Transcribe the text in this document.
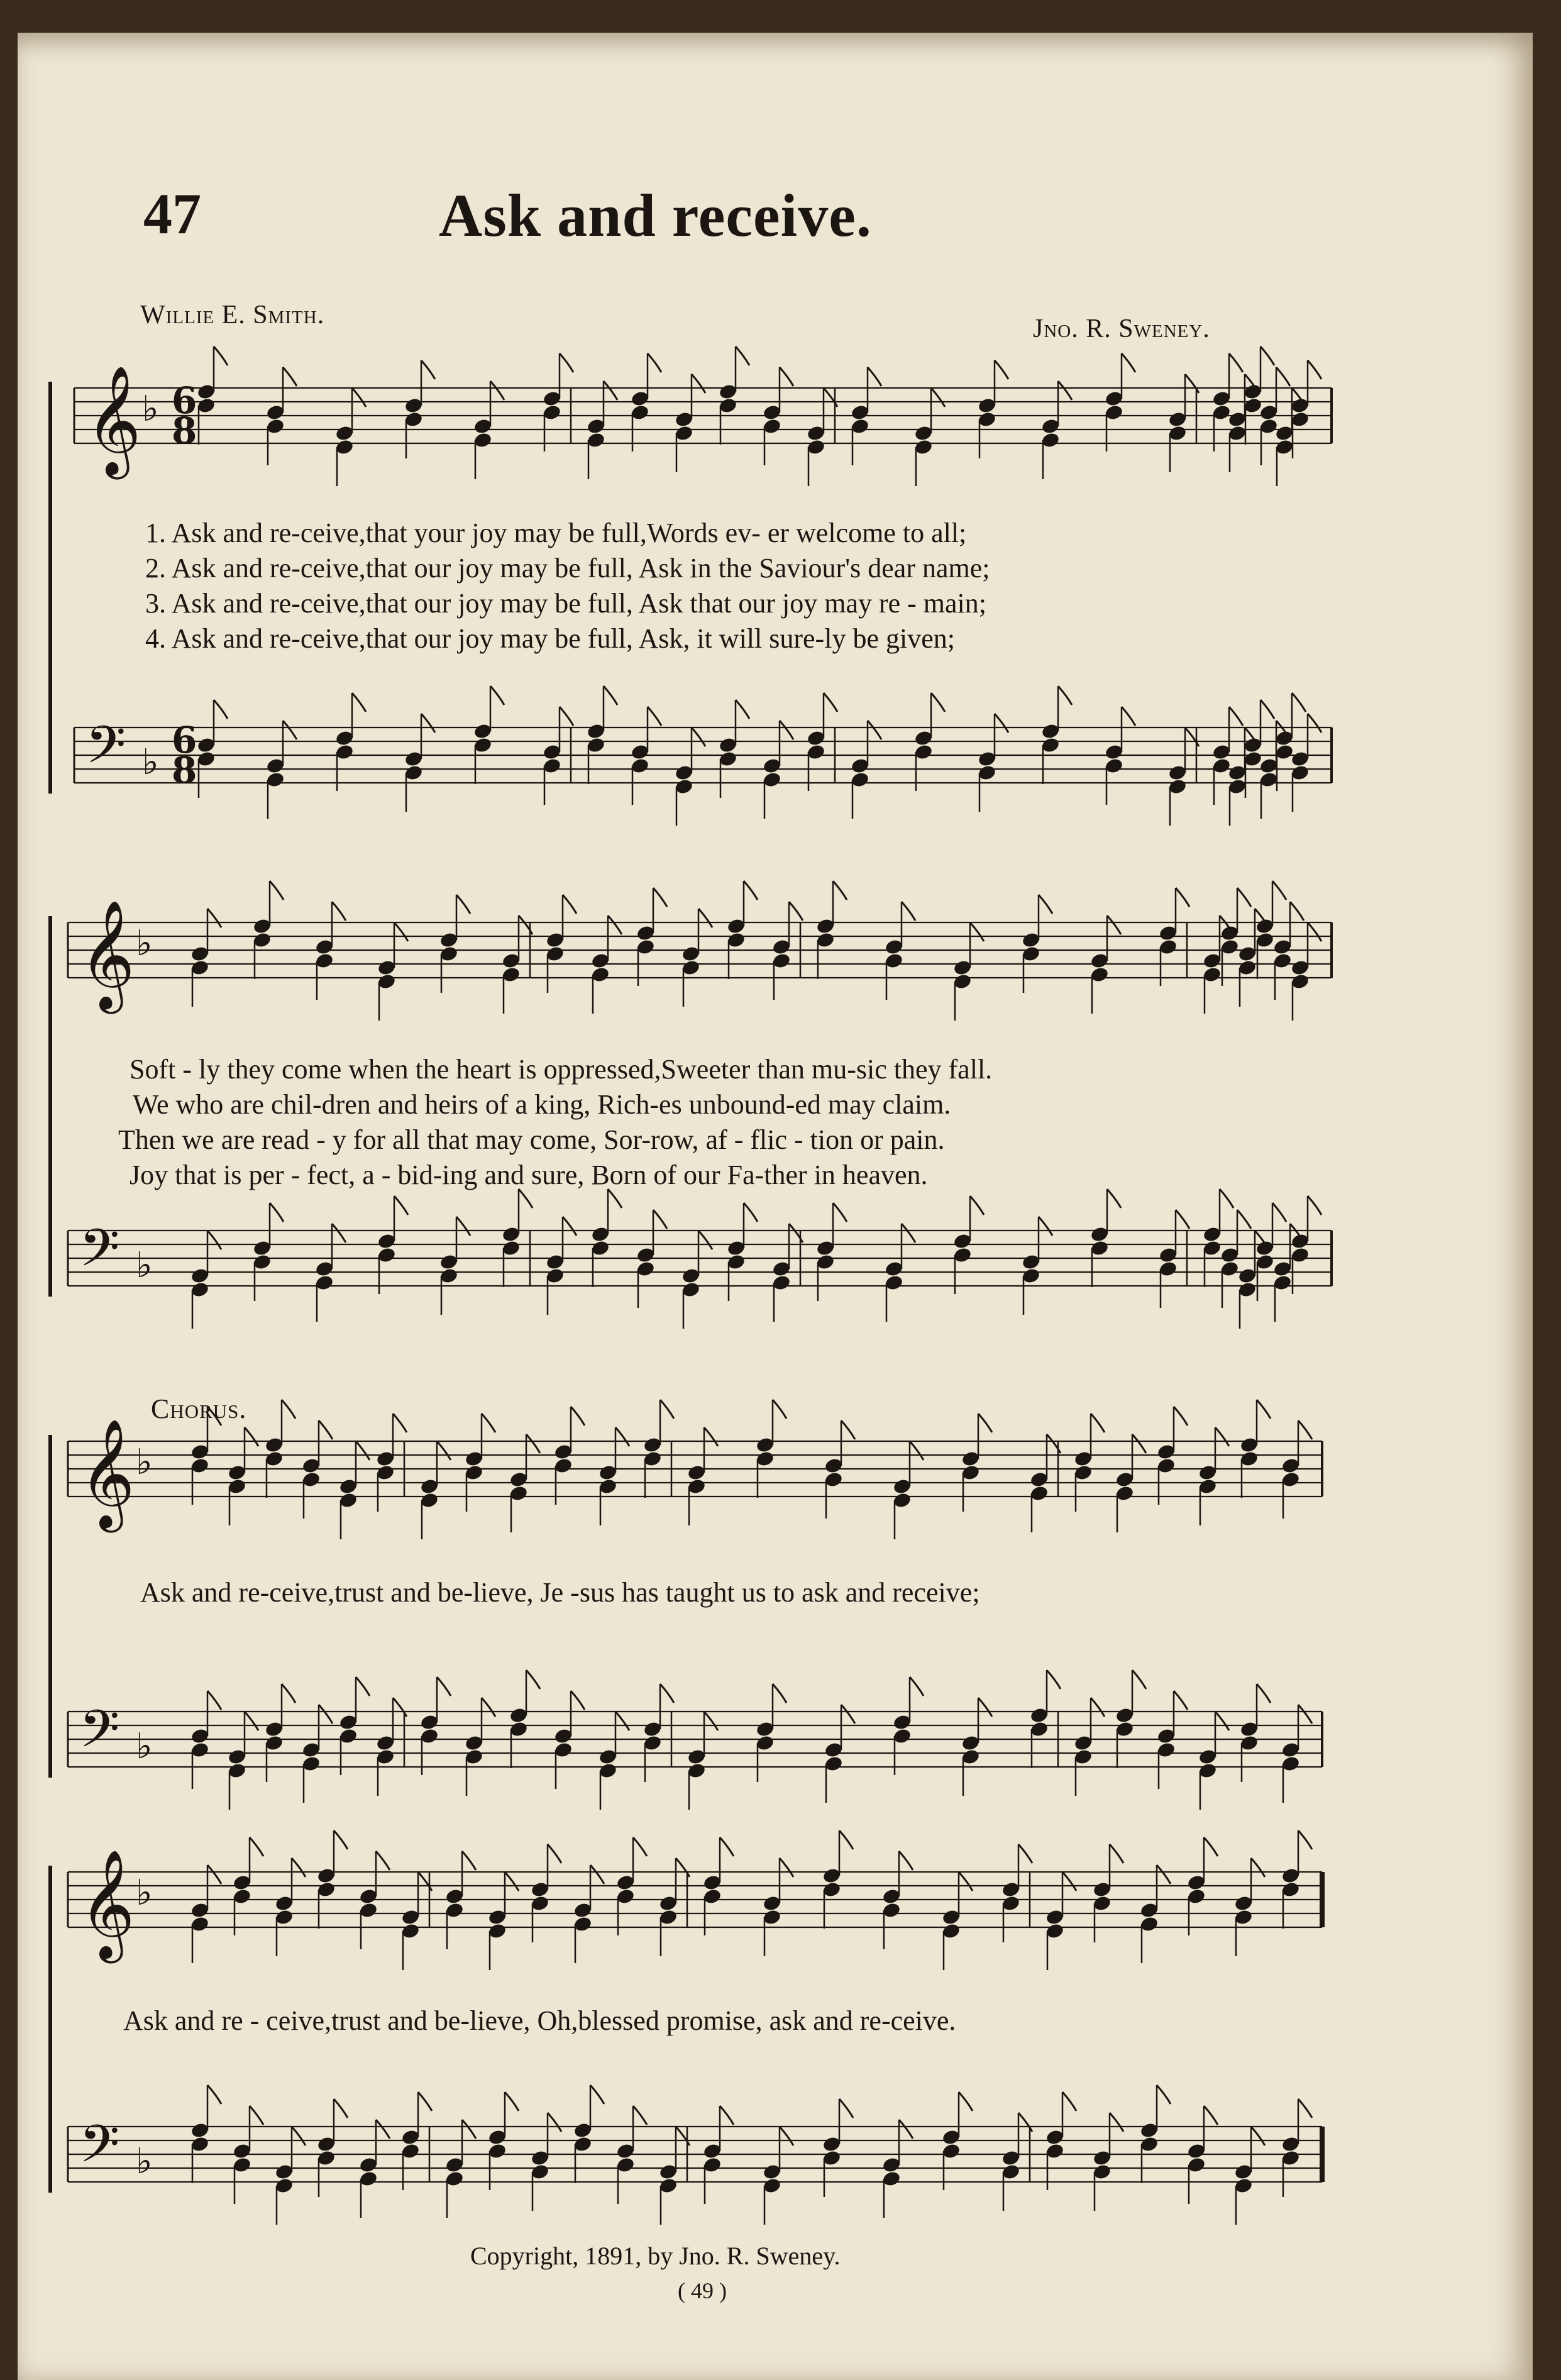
47	Ask and receive.
Willie E. Smith.	Jno. R. Sweney.
𝄞 ♭
𝄢 ♭
𝄞 ♭
𝄢 ♭
𝄞 ♭
𝄢 ♭
𝄞 ♭
𝄢 ♭
6
8
6
8
1. Ask and re-ceive,that your joy may be full,Words ev- er welcome to all;
2. Ask and re-ceive,that our joy may be full, Ask in the Saviour's dear name;
3. Ask and re-ceive,that our joy may be full, Ask that our joy may re - main;
4. Ask and re-ceive,that our joy may be full, Ask, it will sure-ly be given;
Soft - ly they come when the heart is oppressed,Sweeter than mu-sic they fall.
We who are chil-dren and heirs of a king, Rich-es unbound-ed may claim.
Then we are read - y for all that may come, Sor-row, af - flic - tion or pain.
Joy that is per - fect, a - bid-ing and sure, Born of our Fa-ther in heaven.
Chorus.
Ask and re-ceive,trust and be-lieve, Je -sus has taught us to ask and receive;
Ask and re - ceive,trust and be-lieve, Oh,blessed promise, ask and re-ceive.
Copyright, 1891, by Jno. R. Sweney.
( 49 )
